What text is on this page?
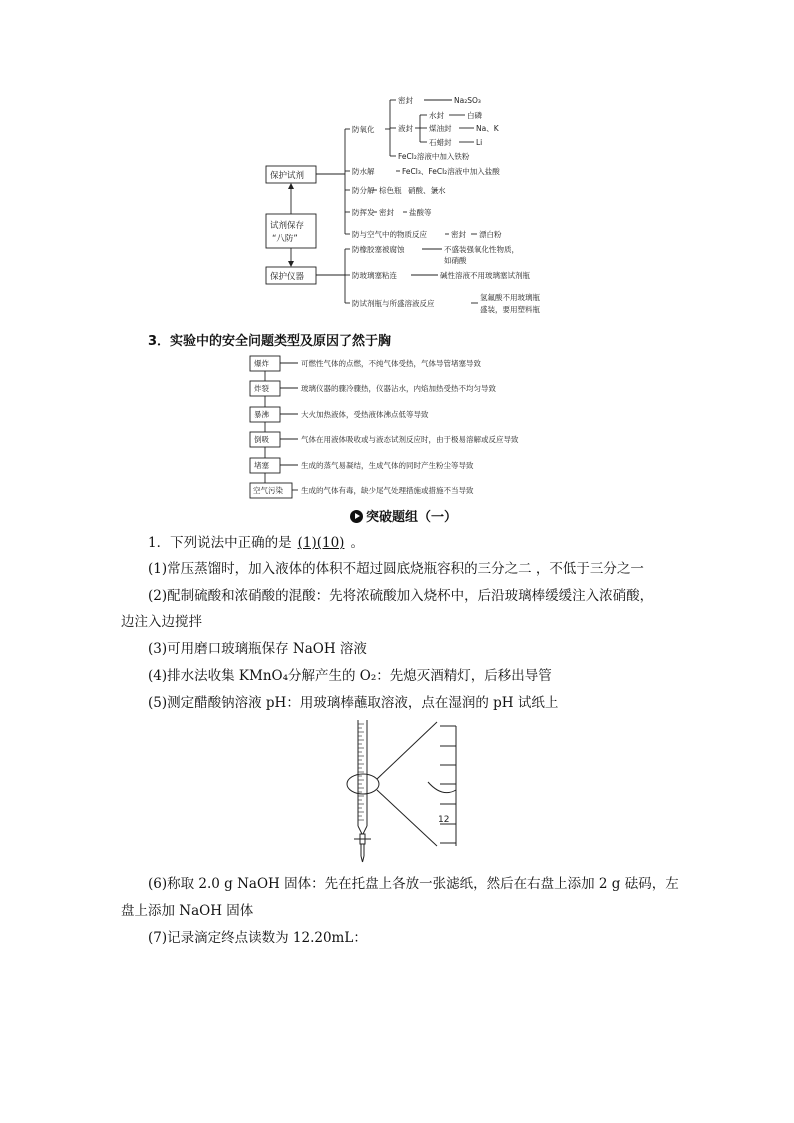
保护试剂
试剂保存
“八防”
保护仪器
防氧化
密封	Na₂SO₃
液封
水封	白磷
煤油封	Na、K
石蜡封	Li
FeCl₂溶液中加入铁粉
防水解	FeCl₃、FeCl₂溶液中加入盐酸
防分解 棕色瓶 硝酸、氯水
防挥发 密封 盐酸等
防与空气中的物质反应	密封 漂白粉
防橡胶塞被腐蚀	不盛装强氧化性物质，
如硝酸
防玻璃塞粘连	碱性溶液不用玻璃塞试剂瓶
防试剂瓶与所盛溶液反应
氢氟酸不用玻璃瓶
盛装，要用塑料瓶
3．实验中的安全问题类型及原因了然于胸
爆炸	可燃性气体的点燃，不纯气体受热，气体导管堵塞导致
炸裂	玻璃仪器的骤冷骤热，仪器沾水，内焰加热受热不均匀导致
暴沸	大火加热液体，受热液体沸点低等导致
倒吸	气体在用液体吸收或与液态试剂反应时，由于极易溶解或反应导致
堵塞	生成的蒸气易凝结，生成气体的同时产生粉尘等导致
空气污染 生成的气体有毒，缺少尾气处理措施或措施不当导致
突破题组（一）
1．下列说法中正确的是 (1)(10) 。
(1)常压蒸馏时，加入液体的体积不超过圆底烧瓶容积的三分之二 ，不低于三分之一
(2)配制硫酸和浓硝酸的混酸：先将浓硫酸加入烧杯中，后沿玻璃棒缓缓注入浓硝酸，
边注入边搅拌
(3)可用磨口玻璃瓶保存 NaOH 溶液
(4)排水法收集 KMnO₄分解产生的 O₂：先熄灭酒精灯，后移出导管
(5)测定醋酸钠溶液 pH：用玻璃棒蘸取溶液，点在湿润的 pH 试纸上
12
(6)称取 2.0 g NaOH 固体：先在托盘上各放一张滤纸，然后在右盘上添加 2 g 砝码，左
盘上添加 NaOH 固体
(7)记录滴定终点读数为 12.20mL：
